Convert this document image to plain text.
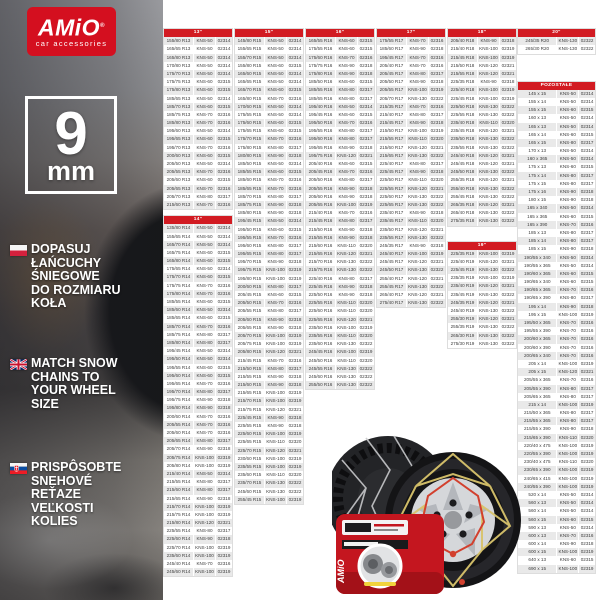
AMiO®
car accessories
9
mm
DOPASUJ
ŁAŃCUCHY
ŚNIEGOWE
DO ROZMIARU
KOŁA
MATCH SNOW
CHAINS TO
YOUR WHEEL
SIZE
PRISPÔSOBTE
SNEHOVÉ
REŤAZE
VEĽKOSTI
KOLIES
13"
155/80 R13	KNS-50	02314
165/65 R13	KNS-50	02314
165/80 R13	KNS-50	02314
170/80 R13	KNS-50	02314
175/70 R13	KNS-50	02314
175/75 R13	KNS-60	02315
175/80 R13	KNS-60	02315
185/65 R13	KNS-50	02314
185/70 R13	KNS-60	02315
185/75 R13	KNS-70	02316
185/80 R13	KNS-70	02316
195/60 R13	KNS-50	02314
195/65 R13	KNS-60	02315
195/70 R13	KNS-70	02316
200/60 R13	KNS-60	02315
205/50 R13	KNS-50	02314
205/55 R13	KNS-70	02316
205/60 R13	KNS-60	02315
205/65 R13	KNS-70	02316
205/70 R13	KNS-80	02317
215/60 R13	KNS-70	02316
14"
135/80 R14	KNS-50	02314
155/65 R14	KNS-50	02314
165/70 R14	KNS-50	02314
165/75 R14	KNS-60	02315
165/80 R14	KNS-60	02315
175/65 R14	KNS-50	02314
175/70 R14	KNS-60	02315
175/75 R14	KNS-70	02316
175/80 R14	KNS-70	02316
185/55 R14	KNS-60	02315
185/60 R14	KNS-50	02314
185/65 R14	KNS-60	02315
185/70 R14	KNS-70	02316
185/75 R14	KNS-80	02317
185/80 R14	KNS-80	02317
195/45 R14	KNS-50	02314
195/50 R14	KNS-50	02314
195/55 R14	KNS-60	02315
195/60 R14	KNS-60	02315
195/65 R14	KNS-70	02316
195/70 R14	KNS-80	02317
195/75 R14	KNS-90	02318
195/80 R14	KNS-90	02318
200/60 R14	KNS-70	02316
205/55 R14	KNS-70	02316
205/60 R14	KNS-70	02316
205/65 R14	KNS-80	02317
205/70 R14	KNS-90	02318
205/75 R14	KNS-100 02319
205/80 R14	KNS-100 02319
215/40 R14	KNS-50	02314
215/55 R14	KNS-80	02317
215/60 R14	KNS-80	02317
215/65 R14	KNS-90	02318
215/70 R14	KNS-100 02319
215/75 R14	KNS-100 02319
215/80 R14	KNS-120 02321
225/55 R14	KNS-80	02317
225/60 R14	KNS-90	02318
225/70 R14	KNS-100 02319
235/60 R14	KNS-100 02319
245/40 R14	KNS-70	02316
245/60 R14	KNS-100 02319
15"
145/80 R15	KNS-50	02314
155/65 R15	KNS-50	02314
155/70 R15	KNS-50	02314
155/80 R15	KNS-60	02315
165/60 R15	KNS-50	02314
165/65 R15	KNS-50	02314
165/70 R15	KNS-60	02315
165/80 R15	KNS-70	02316
170/60 R15	KNS-50	02314
175/55 R15	KNS-50	02314
175/60 R15	KNS-60	02315
175/65 R15	KNS-60	02315
175/70 R15	KNS-70	02316
175/80 R15	KNS-80	02317
180/80 R15	KNS-90	02318
185/50 R15	KNS-50	02314
185/55 R15	KNS-60	02315
185/60 R15	KNS-70	02316
185/65 R15	KNS-70	02316
185/70 R15	KNS-80	02317
185/75 R15	KNS-90	02318
185/80 R15	KNS-90	02318
195/45 R15	KNS-50	02314
195/50 R15	KNS-60	02315
195/55 R15	KNS-70	02316
195/60 R15	KNS-80	02317
195/65 R15	KNS-80	02317
195/70 R15	KNS-90	02318
195/75 R15	KNS-100 02319
195/80 R15	KNS-100 02319
200/60 R15	KNS-80	02317
205/45 R15	KNS-60	02315
205/50 R15	KNS-70	02316
205/55 R15	KNS-80	02317
205/60 R15	KNS-90	02318
205/65 R15	KNS-90	02318
205/70 R15	KNS-100 02319
205/75 R15	KNS-100 02319
205/80 R15	KNS-120 02321
215/45 R15	KNS-70	02316
215/50 R15	KNS-80	02317
215/55 R15	KNS-90	02318
215/60 R15	KNS-90	02318
215/65 R15	KNS-100 02319
215/70 R15	KNS-100 02319
215/75 R15	KNS-120 02321
225/45 R15	KNS-90	02318
225/55 R15	KNS-90	02318
225/60 R15	KNS-100 02319
225/65 R15	KNS-110 02320
225/70 R15	KNS-120 02321
230/60 R15	KNS-100 02319
235/55 R15	KNS-100 02319
235/60 R15	KNS-110 02320
235/70 R15	KNS-130 02322
245/60 R15	KNS-130 02322
255/45 R15	KNS-100 02319
16"
165/55 R16	KNS-60	02315
175/55 R16	KNS-60	02315
175/60 R16	KNS-70	02316
175/75 R16	KNS-90	02318
175/80 R16	KNS-90	02318
185/50 R16	KNS-60	02315
185/55 R16	KNS-80	02317
185/65 R16	KNS-80	02317
195/40 R16	KNS-50	02314
195/45 R16	KNS-60	02315
195/50 R16	KNS-70	02316
195/55 R16	KNS-80	02317
195/60 R16	KNS-80	02317
195/65 R16	KNS-90	02318
195/75 R16	KNS-120 02321
205/40 R16	KNS-60	02315
205/45 R16	KNS-70	02316
205/50 R16	KNS-80	02317
205/55 R16	KNS-90	02318
205/60 R16	KNS-90	02318
205/65 R16	KNS-100 02319
215/40 R16	KNS-70	02316
215/45 R16	KNS-80	02317
215/50 R16	KNS-90	02318
215/55 R16	KNS-90	02318
215/60 R16	KNS-110 02320
215/65 R16	KNS-120 02321
215/70 R16	KNS-130 02322
215/75 R16	KNS-130 02322
225/40 R16	KNS-80	02317
225/45 R16	KNS-90	02318
225/50 R16	KNS-90	02318
225/55 R16	KNS-110 02320
225/60 R16	KNS-110 02320
225/65 R16	KNS-120 02321
235/50 R16	KNS-100 02319
235/55 R16	KNS-110 02320
235/60 R16	KNS-130 02322
245/45 R16	KNS-100 02319
245/50 R16	KNS-110 02320
245/55 R16	KNS-130 02322
245/60 R16	KNS-130 02322
255/50 R16	KNS-130 02322
17"
175/55 R17	KNS-70	02316
185/60 R17	KNS-90	02318
195/45 R17	KNS-70	02316
205/40 R17	KNS-70	02316
205/45 R17	KNS-80	02317
205/50 R17	KNS-90	02318
205/55 R17	KNS-100 02319
205/70 R17	KNS-130 02322
215/35 R17	KNS-70	02316
215/40 R17	KNS-80	02317
215/45 R17	KNS-90	02318
215/50 R17	KNS-100 02319
215/55 R17	KNS-110 02320
215/60 R17	KNS-120 02321
215/65 R17	KNS-130 02322
225/40 R17	KNS-80	02317
225/45 R17	KNS-90	02318
225/50 R17	KNS-110 02320
225/55 R17	KNS-120 02321
225/60 R17	KNS-130 02322
225/65 R17	KNS-130 02322
235/40 R17	KNS-90	02318
235/45 R17	KNS-110 02320
235/50 R17	KNS-120 02321
235/55 R17	KNS-130 02322
245/35 R17	KNS-90	02318
245/40 R17	KNS-100 02319
245/45 R17	KNS-120 02321
245/50 R17	KNS-130 02322
255/40 R17	KNS-120 02321
255/45 R17	KNS-130 02322
265/40 R17	KNS-120 02321
275/40 R17	KNS-130 02322
18"
205/40 R18	KNS-90	02318
215/40 R18	KNS-100 02319
215/45 R18	KNS-100 02319
215/50 R18	KNS-120 02321
215/55 R18	KNS-120 02321
225/35 R18	KNS-90	02318
225/40 R18	KNS-100 02319
225/45 R18	KNS-100 02319
225/50 R18	KNS-130 02322
225/55 R18	KNS-130 02322
235/40 R18	KNS-110 02320
235/45 R18	KNS-120 02321
235/50 R18	KNS-130 02322
235/55 R18	KNS-130 02322
245/40 R18	KNS-120 02321
245/45 R18	KNS-120 02321
245/50 R18	KNS-130 02322
255/35 R18	KNS-120 02321
255/40 R18	KNS-130 02322
255/45 R18	KNS-130 02322
265/35 R18	KNS-120 02321
265/40 R18	KNS-130 02322
275/35 R18	KNS-130 02322
19"
225/35 R19	KNS-100 02319
225/40 R19	KNS-120 02321
225/45 R19	KNS-130 02322
235/35 R19	KNS-100 02319
235/40 R19	KNS-120 02321
235/45 R19	KNS-130 02322
245/35 R19	KNS-120 02321
245/40 R19	KNS-130 02322
255/30 R19	KNS-120 02321
255/35 R19	KNS-130 02322
265/30 R19	KNS-130 02322
275/30 R19	KNS-130 02322
20"
245/35 R20	KNS-130 02322
265/30 R20	KNS-130 02322
POZOSTAŁE
145 x 15	KNS-50	02314
155 x 14	KNS-50	02314
155 x 15	KNS-60	02315
160 x 13	KNS-50	02314
165 x 13	KNS-50	02314
165 x 14	KNS-60	02315
165 x 15	KNS-80	02317
170 x 13	KNS-50	02314
160 x 365	KNS-50	02314
175 x 13	KNS-60	02315
175 x 14	KNS-80	02317
175 x 15	KNS-80	02317
175 x 16	KNS-90	02318
180 x 15	KNS-90	02318
165 x 340	KNS-50	02314
165 x 365	KNS-60	02315
165 x 390	KNS-70	02316
185 x 13	KNS-80	02317
185 x 14	KNS-80	02317
185 x 15	KNS-90	02318
190/55 x 340	KNS-50	02314
190/55 x 365	KNS-50	02314
190/60 x 365	KNS-60	02315
190/65 x 340	KNS-60	02315
190/65 x 365	KNS-70	02316
190/65 x 390	KNS-80	02317
195 x 14	KNS-90	02318
195 x 15	KNS-100 02319
195/50 x 365	KNS-70	02316
195/55 x 390	KNS-70	02316
200/60 x 365	KNS-70	02316
200/60 x 390	KNS-70	02316
200/65 x 340	KNS-70	02316
205 x 14	KNS-100 02319
205 x 15	KNS-120 02321
205/55 x 365	KNS-70	02316
205/55 x 390	KNS-80	02317
205/65 x 365	KNS-80	02317
215 x 14	KNS-100 02319
215/50 x 365	KNS-80	02317
215/55 x 365	KNS-80	02317
215/55 x 390	KNS-90	02318
215/65 x 390	KNS-110 02320
220/40 x 475	KNS-100 02319
220/55 x 390	KNS-100 02319
230/40 x 475	KNS-110 02320
230/65 x 390	KNS-100 02319
240/65 x 415	KNS-100 02319
240/55 x 390	KNS-100 02319
520 x 14	KNS-50	02314
560 x 13	KNS-50	02314
560 x 14	KNS-50	02314
560 x 15	KNS-60	02315
590 x 13	KNS-50	02314
600 x 13	KNS-70	02316
600 x 14	KNS-90	02318
600 x 15	KNS-100 02319
640 x 13	KNS-60	02315
690 x 15	KNS-100 02319
AMiO
